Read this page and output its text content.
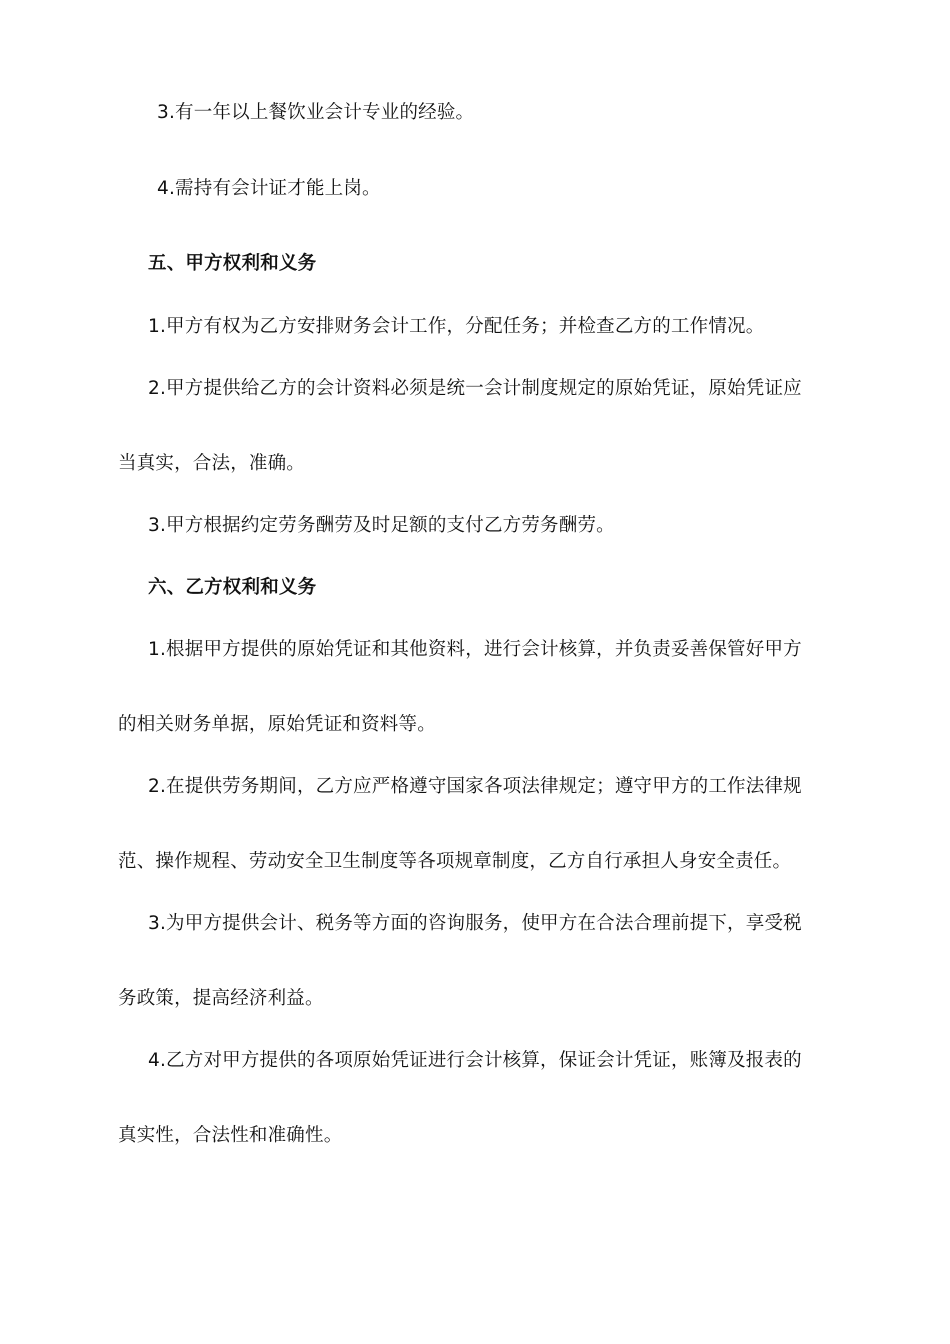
3.有一年以上餐饮业会计专业的经验。
4.需持有会计证才能上岗。
五、甲方权利和义务
1.甲方有权为乙方安排财务会计工作，分配任务；并检查乙方的工作情况。
2.甲方提供给乙方的会计资料必须是统一会计制度规定的原始凭证，原始凭证应
当真实，合法，准确。
3.甲方根据约定劳务酬劳及时足额的支付乙方劳务酬劳。
六、乙方权利和义务
1.根据甲方提供的原始凭证和其他资料，进行会计核算，并负责妥善保管好甲方
的相关财务单据，原始凭证和资料等。
2.在提供劳务期间，乙方应严格遵守国家各项法律规定；遵守甲方的工作法律规
范、操作规程、劳动安全卫生制度等各项规章制度，乙方自行承担人身安全责任。
3.为甲方提供会计、税务等方面的咨询服务，使甲方在合法合理前提下，享受税
务政策，提高经济利益。
4.乙方对甲方提供的各项原始凭证进行会计核算，保证会计凭证，账簿及报表的
真实性，合法性和准确性。
